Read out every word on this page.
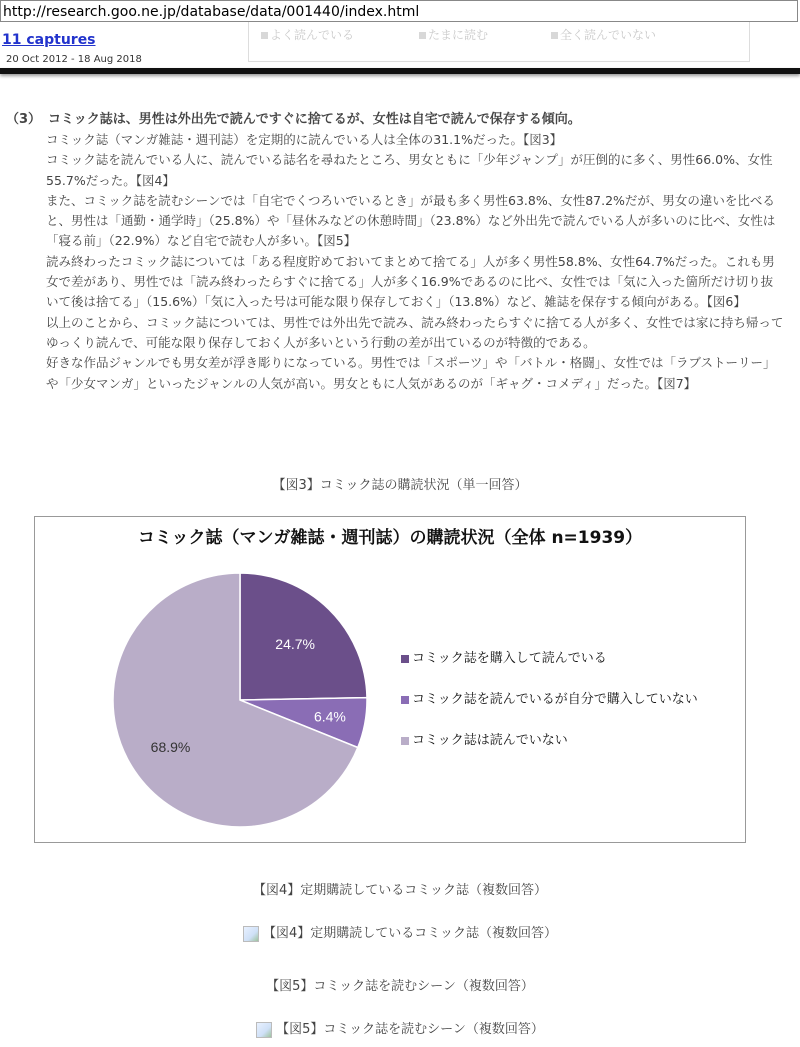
http://research.goo.ne.jp/database/data/001440/index.html
11 captures
20 Oct 2012 - 18 Aug 2018
よく読んでいる	たまに読む	全く読んでいない
（3） コミック誌は、男性は外出先で読んですぐに捨てるが、女性は自宅で読んで保存する傾向。

コミック誌（マンガ雑誌・週刊誌）を定期的に読んでいる人は全体の31.1%だった。【図3】

コミック誌を読んでいる人に、読んでいる誌名を尋ねたところ、男女ともに「少年ジャンプ」が圧倒的に多く、男性66.0%、女性55.7%だった。【図4】

また、コミック誌を読むシーンでは「自宅でくつろいでいるとき」が最も多く男性63.8%、女性87.2%だが、男女の違いを比べると、男性は「通勤・通学時」（25.8%）や「昼休みなどの休憩時間」（23.8%）など外出先で読んでいる人が多いのに比べ、女性は「寝る前」（22.9%）など自宅で読む人が多い。【図5】

読み終わったコミック誌については「ある程度貯めておいてまとめて捨てる」人が多く男性58.8%、女性64.7%だった。これも男女で差があり、男性では「読み終わったらすぐに捨てる」人が多く16.9%であるのに比べ、女性では「気に入った箇所だけ切り抜いて後は捨てる」（15.6%）「気に入った号は可能な限り保存しておく」（13.8%）など、雑誌を保存する傾向がある。【図6】

以上のことから、コミック誌については、男性では外出先で読み、読み終わったらすぐに捨てる人が多く、女性では家に持ち帰ってゆっくり読んで、可能な限り保存しておく人が多いという行動の差が出ているのが特徴的である。

好きな作品ジャンルでも男女差が浮き彫りになっている。男性では「スポーツ」や「バトル・格闘」、女性では「ラブストーリー」や「少女マンガ」といったジャンルの人気が高い。男女ともに人気があるのが「ギャグ・コメディ」だった。【図7】

【図3】コミック誌の購読状況（単一回答）
コミック誌（マンガ雑誌・週刊誌）の購読状況（全体 n=1939）
24.7%
6.4%
68.9%
コミック誌を購入して読んでいる
コミック誌を読んでいるが自分で購入していない
コミック誌は読んでいない
【図4】定期購読しているコミック誌（複数回答）
【図4】定期購読しているコミック誌（複数回答）
【図5】コミック誌を読むシーン（複数回答）
【図5】コミック誌を読むシーン（複数回答）
